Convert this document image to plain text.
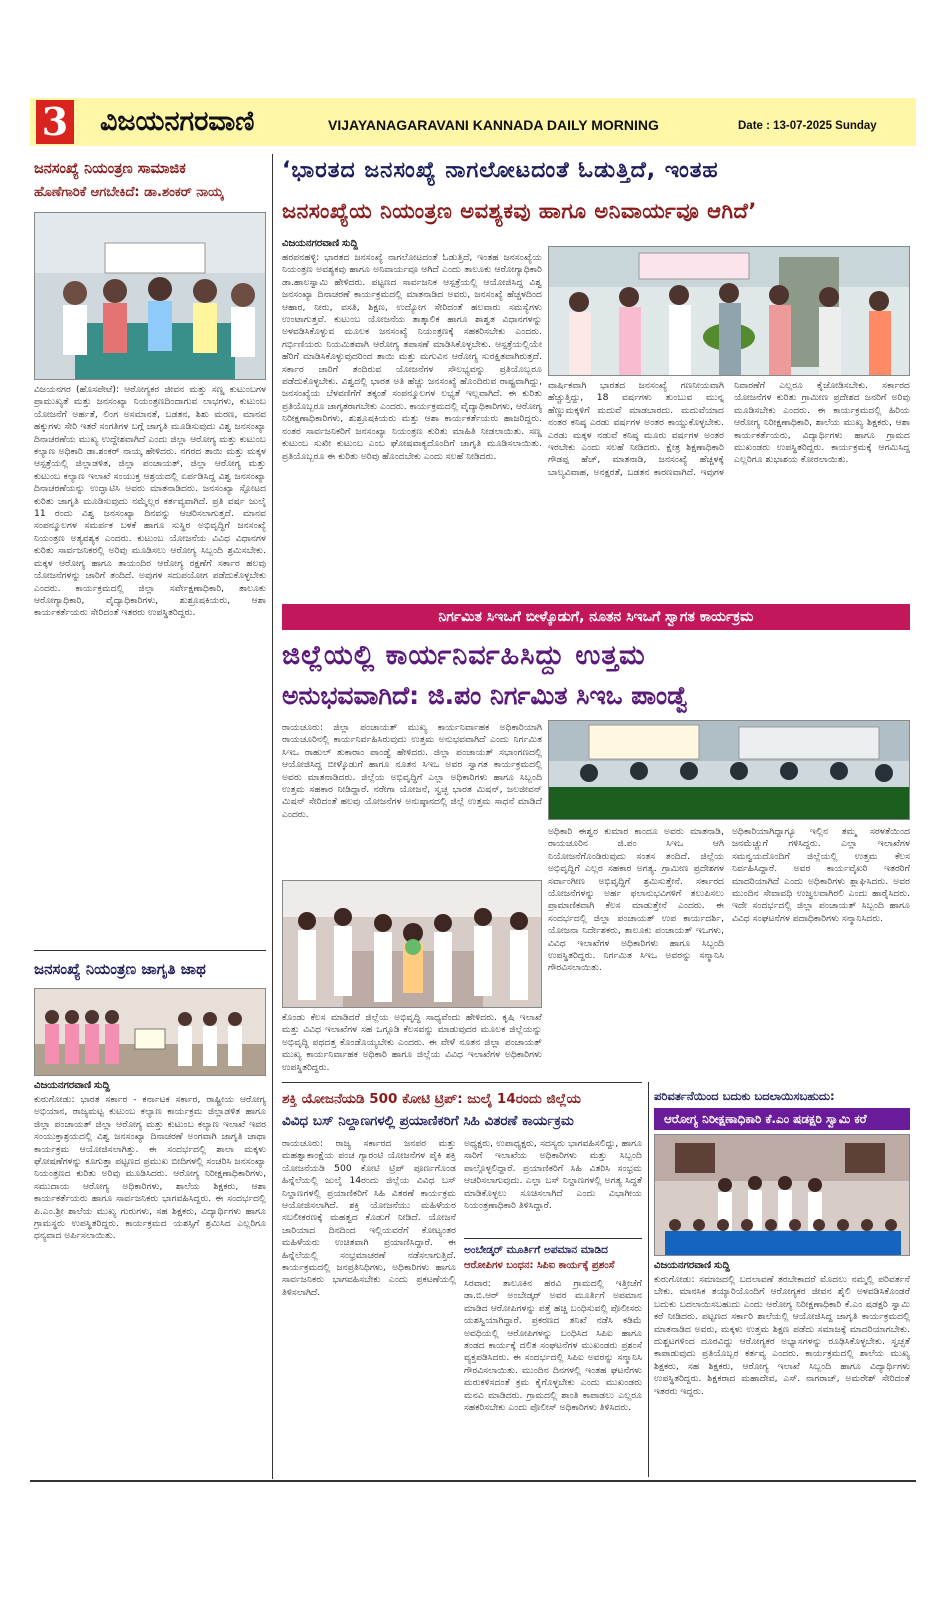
3 ವಿಜಯನಗರವಾಣಿ	VIJAYANAGARAVANI KANNADA DAILY MORNING	Date : 13-07-2025 Sunday
ಜನಸಂಖ್ಯೆ ನಿಯಂತ್ರಣ ಸಾಮಾಜಿಕ
ಹೊಣೆಗಾರಿಕೆ ಆಗಬೇಕಿದೆ: ಡಾ.ಶಂಕರ್ ನಾಯ್ಕ
ವಿಜಯನಗರ (ಹೊಸಪೇಟೆ): ಆರೋಗ್ಯಕರ ಜೀವನ ಮತ್ತು ಸಣ್ಣ ಕುಟುಂಬಗಳ ಪ್ರಾಮುಖ್ಯತೆ ಮತ್ತು ಜನಸಂಖ್ಯಾ ನಿಯಂತ್ರಣದಿಂದಾಗುವ ಲಾಭಗಳು, ಕುಟುಂಬ ಯೋಜನೆಗೆ ಅರ್ಹತೆ, ಲಿಂಗ ಅಸಮಾನತೆ, ಬಡತನ, ಶಿಶು ಮರಣ, ಮಾನವ ಹಕ್ಕುಗಳು ಸೇರಿ ಇತರೆ ಸಂಗತಿಗಳ ಬಗ್ಗೆ ಜಾಗೃತಿ ಮೂಡಿಸುವುದು ವಿಶ್ವ ಜನಸಂಖ್ಯಾ ದಿನಾಚರಣೆಯ ಮುಖ್ಯ ಉದ್ದೇಶವಾಗಿದೆ ಎಂದು ಜಿಲ್ಲಾ ಆರೋಗ್ಯ ಮತ್ತು ಕುಟುಂಬ ಕಲ್ಯಾಣ ಅಧಿಕಾರಿ ಡಾ.ಶಂಕರ್ ನಾಯ್ಕ ಹೇಳಿದರು. ನಗರದ ತಾಯಿ ಮತ್ತು ಮಕ್ಕಳ ಆಸ್ಪತ್ರೆಯಲ್ಲಿ ಜಿಲ್ಲಾಡಳಿತ, ಜಿಲ್ಲಾ ಪಂಚಾಯತ್, ಜಿಲ್ಲಾ ಆರೋಗ್ಯ ಮತ್ತು ಕುಟುಂಬ ಕಲ್ಯಾಣ ಇಲಾಖೆ ಸಂಯುಕ್ತ ಆಶ್ರಯದಲ್ಲಿ ಏರ್ಪಡಿಸಿದ್ದ ವಿಶ್ವ ಜನಸಂಖ್ಯಾ ದಿನಾಚರಣೆಯನ್ನು ಉದ್ಘಾಟಿಸಿ ಅವರು ಮಾತನಾಡಿದರು. ಜನಸಂಖ್ಯಾ ಸ್ಫೋಟದ ಕುರಿತು ಜಾಗೃತಿ ಮೂಡಿಸುವುದು ನಮ್ಮೆಲ್ಲರ ಕರ್ತವ್ಯವಾಗಿದೆ. ಪ್ರತಿ ವರ್ಷ ಜುಲೈ 11 ರಂದು ವಿಶ್ವ ಜನಸಂಖ್ಯಾ ದಿನವನ್ನು ಆಚರಿಸಲಾಗುತ್ತದೆ. ಮಾನವ ಸಂಪನ್ಮೂಲಗಳ ಸಮರ್ಪಕ ಬಳಕೆ ಹಾಗೂ ಸುಸ್ಥಿರ ಅಭಿವೃದ್ಧಿಗೆ ಜನಸಂಖ್ಯೆ ನಿಯಂತ್ರಣ ಅತ್ಯವಶ್ಯಕ ಎಂದರು. ಕುಟುಂಬ ಯೋಜನೆಯ ವಿವಿಧ ವಿಧಾನಗಳ ಕುರಿತು ಸಾರ್ವಜನಿಕರಲ್ಲಿ ಅರಿವು ಮೂಡಿಸಲು ಆರೋಗ್ಯ ಸಿಬ್ಬಂದಿ ಶ್ರಮಿಸಬೇಕು. ಮಕ್ಕಳ ಆರೋಗ್ಯ ಹಾಗೂ ತಾಯಂದಿರ ಆರೋಗ್ಯ ರಕ್ಷಣೆಗೆ ಸರ್ಕಾರ ಹಲವು ಯೋಜನೆಗಳನ್ನು ಜಾರಿಗೆ ತಂದಿದೆ. ಅವುಗಳ ಸದುಪಯೋಗ ಪಡೆದುಕೊಳ್ಳಬೇಕು ಎಂದರು. ಕಾರ್ಯಕ್ರಮದಲ್ಲಿ ಜಿಲ್ಲಾ ಸರ್ವೇಕ್ಷಣಾಧಿಕಾರಿ, ತಾಲೂಕು ಆರೋಗ್ಯಾಧಿಕಾರಿ, ವೈದ್ಯಾಧಿಕಾರಿಗಳು, ಶುಶ್ರೂಷಕಿಯರು, ಆಶಾ ಕಾರ್ಯಕರ್ತೆಯರು ಸೇರಿದಂತೆ ಇತರರು ಉಪಸ್ಥಿತರಿದ್ದರು.
ಜನಸಂಖ್ಯೆ ನಿಯಂತ್ರಣ ಜಾಗೃತಿ ಜಾಥ
ವಿಜಯನಗರವಾಣಿ ಸುದ್ದಿ
ಕುರುಗೋಡು: ಭಾರತ ಸರ್ಕಾರ - ಕರ್ನಾಟಕ ಸರ್ಕಾರ, ರಾಷ್ಟ್ರೀಯ ಆರೋಗ್ಯ ಅಭಿಯಾನ, ರಾಜ್ಯಮಟ್ಟ ಕುಟುಂಬ ಕಲ್ಯಾಣ ಕಾರ್ಯಕ್ರಮ ಜಿಲ್ಲಾಡಳಿತ ಹಾಗೂ ಜಿಲ್ಲಾ ಪಂಚಾಯತ್ ಜಿಲ್ಲಾ ಆರೋಗ್ಯ ಮತ್ತು ಕುಟುಂಬ ಕಲ್ಯಾಣ ಇಲಾಖೆ ಇವರ ಸಂಯುಕ್ತಾಶ್ರಯದಲ್ಲಿ ವಿಶ್ವ ಜನಸಂಖ್ಯಾ ದಿನಾಚರಣೆ ಅಂಗವಾಗಿ ಜಾಗೃತಿ ಜಾಥಾ ಕಾರ್ಯಕ್ರಮ ಆಯೋಜಿಸಲಾಗಿತ್ತು. ಈ ಸಂದರ್ಭದಲ್ಲಿ ಶಾಲಾ ಮಕ್ಕಳು ಘೋಷಣೆಗಳನ್ನು ಕೂಗುತ್ತಾ ಪಟ್ಟಣದ ಪ್ರಮುಖ ಬೀದಿಗಳಲ್ಲಿ ಸಂಚರಿಸಿ ಜನಸಂಖ್ಯಾ ನಿಯಂತ್ರಣದ ಕುರಿತು ಅರಿವು ಮೂಡಿಸಿದರು. ಆರೋಗ್ಯ ನಿರೀಕ್ಷಣಾಧಿಕಾರಿಗಳು, ಸಮುದಾಯ ಆರೋಗ್ಯ ಅಧಿಕಾರಿಗಳು, ಶಾಲೆಯ ಶಿಕ್ಷಕರು, ಆಶಾ ಕಾರ್ಯಕರ್ತೆಯರು ಹಾಗೂ ಸಾರ್ವಜನಿಕರು ಭಾಗವಹಿಸಿದ್ದರು. ಈ ಸಂದರ್ಭದಲ್ಲಿ ಪಿ.ಎಂ.ಶ್ರೀ ಶಾಲೆಯ ಮುಖ್ಯ ಗುರುಗಳು, ಸಹ ಶಿಕ್ಷಕರು, ವಿದ್ಯಾರ್ಥಿಗಳು ಹಾಗೂ ಗ್ರಾಮಸ್ಥರು ಉಪಸ್ಥಿತರಿದ್ದರು. ಕಾರ್ಯಕ್ರಮದ ಯಶಸ್ಸಿಗೆ ಶ್ರಮಿಸಿದ ಎಲ್ಲರಿಗೂ ಧನ್ಯವಾದ ಅರ್ಪಿಸಲಾಯಿತು.
‘ಭಾರತದ ಜನಸಂಖ್ಯೆ ನಾಗಲೋಟದಂತೆ ಓಡುತ್ತಿದೆ, ಇಂತಹ
ಜನಸಂಖ್ಯೆಯ ನಿಯಂತ್ರಣ ಅವಶ್ಯಕವು ಹಾಗೂ ಅನಿವಾರ್ಯವೂ ಆಗಿದೆ’
ವಿಜಯನಗರವಾಣಿ ಸುದ್ದಿ
ಹರಪನಹಳ್ಳಿ: ಭಾರತದ ಜನಸಂಖ್ಯೆ ನಾಗಲೋಟದಂತೆ ಓಡುತ್ತಿದೆ, ಇಂತಹ ಜನಸಂಖ್ಯೆಯ ನಿಯಂತ್ರಣ ಅವಶ್ಯಕವು ಹಾಗೂ ಅನಿವಾರ್ಯವೂ ಆಗಿದೆ ಎಂದು ತಾಲೂಕು ಆರೋಗ್ಯಾಧಿಕಾರಿ ಡಾ.ಹಾಲಸ್ವಾಮಿ ಹೇಳಿದರು. ಪಟ್ಟಣದ ಸಾರ್ವಜನಿಕ ಆಸ್ಪತ್ರೆಯಲ್ಲಿ ಆಯೋಜಿಸಿದ್ದ ವಿಶ್ವ ಜನಸಂಖ್ಯಾ ದಿನಾಚರಣೆ ಕಾರ್ಯಕ್ರಮದಲ್ಲಿ ಮಾತನಾಡಿದ ಅವರು, ಜನಸಂಖ್ಯೆ ಹೆಚ್ಚಳದಿಂದ ಆಹಾರ, ನೀರು, ವಸತಿ, ಶಿಕ್ಷಣ, ಉದ್ಯೋಗ ಸೇರಿದಂತೆ ಹಲವಾರು ಸಮಸ್ಯೆಗಳು ಉಂಟಾಗುತ್ತವೆ. ಕುಟುಂಬ ಯೋಜನೆಯ ತಾತ್ಕಾಲಿಕ ಹಾಗೂ ಶಾಶ್ವತ ವಿಧಾನಗಳನ್ನು ಅಳವಡಿಸಿಕೊಳ್ಳುವ ಮೂಲಕ ಜನಸಂಖ್ಯೆ ನಿಯಂತ್ರಣಕ್ಕೆ ಸಹಕರಿಸಬೇಕು ಎಂದರು. ಗರ್ಭಿಣಿಯರು ನಿಯಮಿತವಾಗಿ ಆರೋಗ್ಯ ತಪಾಸಣೆ ಮಾಡಿಸಿಕೊಳ್ಳಬೇಕು. ಆಸ್ಪತ್ರೆಯಲ್ಲಿಯೇ ಹೆರಿಗೆ ಮಾಡಿಸಿಕೊಳ್ಳುವುದರಿಂದ ತಾಯಿ ಮತ್ತು ಮಗುವಿನ ಆರೋಗ್ಯ ಸುರಕ್ಷಿತವಾಗಿರುತ್ತದೆ. ಸರ್ಕಾರ ಜಾರಿಗೆ ತಂದಿರುವ ಯೋಜನೆಗಳ ಸೌಲಭ್ಯವನ್ನು ಪ್ರತಿಯೊಬ್ಬರೂ ಪಡೆದುಕೊಳ್ಳಬೇಕು. ವಿಶ್ವದಲ್ಲಿ ಭಾರತ ಅತಿ ಹೆಚ್ಚು ಜನಸಂಖ್ಯೆ ಹೊಂದಿರುವ ರಾಷ್ಟ್ರವಾಗಿದ್ದು, ಜನಸಂಖ್ಯೆಯ ಬೆಳವಣಿಗೆಗೆ ತಕ್ಕಂತೆ ಸಂಪನ್ಮೂಲಗಳ ಲಭ್ಯತೆ ಇಲ್ಲವಾಗಿದೆ. ಈ ಕುರಿತು ಪ್ರತಿಯೊಬ್ಬರೂ ಜಾಗೃತರಾಗಬೇಕು ಎಂದರು. ಕಾರ್ಯಕ್ರಮದಲ್ಲಿ ವೈದ್ಯಾಧಿಕಾರಿಗಳು, ಆರೋಗ್ಯ ನಿರೀಕ್ಷಣಾಧಿಕಾರಿಗಳು, ಶುಶ್ರೂಷಕಿಯರು ಮತ್ತು ಆಶಾ ಕಾರ್ಯಕರ್ತೆಯರು ಹಾಜರಿದ್ದರು. ನಂತರ ಸಾರ್ವಜನಿಕರಿಗೆ ಜನಸಂಖ್ಯಾ ನಿಯಂತ್ರಣ ಕುರಿತು ಮಾಹಿತಿ ನೀಡಲಾಯಿತು. ಸಣ್ಣ ಕುಟುಂಬ ಸುಖೀ ಕುಟುಂಬ ಎಂಬ ಘೋಷವಾಕ್ಯದೊಂದಿಗೆ ಜಾಗೃತಿ ಮೂಡಿಸಲಾಯಿತು. ಪ್ರತಿಯೊಬ್ಬರೂ ಈ ಕುರಿತು ಅರಿವು ಹೊಂದಬೇಕು ಎಂದು ಸಲಹೆ ನೀಡಿದರು.
ವಾರ್ಷಿಕವಾಗಿ ಭಾರತದ ಜನಸಂಖ್ಯೆ ಗಣನೀಯವಾಗಿ ಹೆಚ್ಚುತ್ತಿದ್ದು, 18 ವರ್ಷಗಳು ತುಂಬುವ ಮುನ್ನ ಹೆಣ್ಣುಮಕ್ಕಳಿಗೆ ಮದುವೆ ಮಾಡಬಾರದು. ಮದುವೆಯಾದ ನಂತರ ಕನಿಷ್ಠ ಎರಡು ವರ್ಷಗಳ ಅಂತರ ಕಾಯ್ದುಕೊಳ್ಳಬೇಕು. ಎರಡು ಮಕ್ಕಳ ನಡುವೆ ಕನಿಷ್ಠ ಮೂರು ವರ್ಷಗಳ ಅಂತರ ಇರಬೇಕು ಎಂದು ಸಲಹೆ ನೀಡಿದರು. ಕ್ಷೇತ್ರ ಶಿಕ್ಷಣಾಧಿಕಾರಿ ಗೌಡಪ್ಪ ಹೆಚ್, ಮಾತನಾಡಿ, ಜನಸಂಖ್ಯೆ ಹೆಚ್ಚಳಕ್ಕೆ ಬಾಲ್ಯವಿವಾಹ, ಅನಕ್ಷರತೆ, ಬಡತನ ಕಾರಣವಾಗಿದೆ. ಇವುಗಳ ನಿವಾರಣೆಗೆ ಎಲ್ಲರೂ ಕೈಜೋಡಿಸಬೇಕು. ಸರ್ಕಾರದ ಯೋಜನೆಗಳ ಕುರಿತು ಗ್ರಾಮೀಣ ಪ್ರದೇಶದ ಜನರಿಗೆ ಅರಿವು ಮೂಡಿಸಬೇಕು ಎಂದರು. ಈ ಕಾರ್ಯಕ್ರಮದಲ್ಲಿ ಹಿರಿಯ ಆರೋಗ್ಯ ನಿರೀಕ್ಷಣಾಧಿಕಾರಿ, ಶಾಲೆಯ ಮುಖ್ಯ ಶಿಕ್ಷಕರು, ಆಶಾ ಕಾರ್ಯಕರ್ತೆಯರು, ವಿದ್ಯಾರ್ಥಿಗಳು ಹಾಗೂ ಗ್ರಾಮದ ಮುಖಂಡರು ಉಪಸ್ಥಿತರಿದ್ದರು. ಕಾರ್ಯಕ್ರಮಕ್ಕೆ ಆಗಮಿಸಿದ್ದ ಎಲ್ಲರಿಗೂ ಶುಭಾಶಯ ಕೋರಲಾಯಿತು.
ನಿರ್ಗಮಿತ ಸಿಇಒಗೆ ಬೀಳ್ಕೊಡುಗೆ, ನೂತನ ಸಿಇಒಗೆ ಸ್ವಾಗತ ಕಾರ್ಯಕ್ರಮ
ಜಿಲ್ಲೆಯಲ್ಲಿ ಕಾರ್ಯನಿರ್ವಹಿಸಿದ್ದು ಉತ್ತಮ
ಅನುಭವವಾಗಿದೆ: ಜಿ.ಪಂ ನಿರ್ಗಮಿತ ಸಿಇಒ ಪಾಂಡ್ವೆ
ರಾಯಚೂರು: ಜಿಲ್ಲಾ ಪಂಚಾಯತ್ ಮುಖ್ಯ ಕಾರ್ಯನಿರ್ವಾಹಕ ಅಧಿಕಾರಿಯಾಗಿ ರಾಯಚೂರಿನಲ್ಲಿ ಕಾರ್ಯನಿರ್ವಹಿಸಿರುವುದು ಉತ್ತಮ ಅನುಭವವಾಗಿದೆ ಎಂದು ನಿರ್ಗಮಿತ ಸಿಇಒ ರಾಹುಲ್ ತುಕಾರಾಂ ಪಾಂಡ್ವೆ ಹೇಳಿದರು. ಜಿಲ್ಲಾ ಪಂಚಾಯತ್ ಸಭಾಂಗಣದಲ್ಲಿ ಆಯೋಜಿಸಿದ್ದ ಬೀಳ್ಕೊಡುಗೆ ಹಾಗೂ ನೂತನ ಸಿಇಒ ಅವರ ಸ್ವಾಗತ ಕಾರ್ಯಕ್ರಮದಲ್ಲಿ ಅವರು ಮಾತನಾಡಿದರು. ಜಿಲ್ಲೆಯ ಅಭಿವೃದ್ಧಿಗೆ ಎಲ್ಲಾ ಅಧಿಕಾರಿಗಳು ಹಾಗೂ ಸಿಬ್ಬಂದಿ ಉತ್ತಮ ಸಹಕಾರ ನೀಡಿದ್ದಾರೆ. ನರೇಗಾ ಯೋಜನೆ, ಸ್ವಚ್ಛ ಭಾರತ ಮಿಷನ್, ಜಲಜೀವನ್ ಮಿಷನ್ ಸೇರಿದಂತೆ ಹಲವು ಯೋಜನೆಗಳ ಅನುಷ್ಠಾನದಲ್ಲಿ ಜಿಲ್ಲೆ ಉತ್ತಮ ಸಾಧನೆ ಮಾಡಿದೆ ಎಂದರು.
ಕೊಂಡು ಕೆಲಸ ಮಾಡಿದರೆ ಜಿಲ್ಲೆಯ ಅಭಿವೃದ್ಧಿ ಸಾಧ್ಯವೆಂದು ಹೇಳಿದರು. ಕೃಷಿ ಇಲಾಖೆ ಮತ್ತು ವಿವಿಧ ಇಲಾಖೆಗಳ ಸಹ ಒಗ್ಗೂಡಿ ಕೆಲಸವನ್ನು ಮಾಡುವುದರ ಮೂಲಕ ಜಿಲ್ಲೆಯನ್ನು ಅಭಿವೃದ್ಧಿ ಪಥದತ್ತ ಕೊಂಡೊಯ್ಯಬೇಕು ಎಂದರು. ಈ ವೇಳೆ ನೂತನ ಜಿಲ್ಲಾ ಪಂಚಾಯತ್ ಮುಖ್ಯ ಕಾರ್ಯನಿರ್ವಾಹಕ ಅಧಿಕಾರಿ ಹಾಗೂ ಜಿಲ್ಲೆಯ ವಿವಿಧ ಇಲಾಖೆಗಳ ಅಧಿಕಾರಿಗಳು ಉಪಸ್ಥಿತರಿದ್ದರು.
ಅಧಿಕಾರಿ ಈಶ್ವರ ಕುಮಾರ ಕಾಂದೂ ಅವರು ಮಾತನಾಡಿ, ರಾಯಚೂರಿನ ಜಿ.ಪಂ ಸಿಇಒ ಆಗಿ ನಿಯೋಜನೆಗೊಂಡಿರುವುದು ಸಂತಸ ತಂದಿದೆ. ಜಿಲ್ಲೆಯ ಅಭಿವೃದ್ಧಿಗೆ ಎಲ್ಲರ ಸಹಕಾರ ಅಗತ್ಯ. ಗ್ರಾಮೀಣ ಪ್ರದೇಶಗಳ ಸರ್ವಾಂಗೀಣ ಅಭಿವೃದ್ಧಿಗೆ ಶ್ರಮಿಸುತ್ತೇನೆ. ಸರ್ಕಾರದ ಯೋಜನೆಗಳನ್ನು ಅರ್ಹ ಫಲಾನುಭವಿಗಳಿಗೆ ತಲುಪಿಸಲು ಪ್ರಾಮಾಣಿಕವಾಗಿ ಕೆಲಸ ಮಾಡುತ್ತೇನೆ ಎಂದರು. ಈ ಸಂದರ್ಭದಲ್ಲಿ ಜಿಲ್ಲಾ ಪಂಚಾಯತ್ ಉಪ ಕಾರ್ಯದರ್ಶಿ, ಯೋಜನಾ ನಿರ್ದೇಶಕರು, ತಾಲೂಕು ಪಂಚಾಯತ್ ಇಒಗಳು, ವಿವಿಧ ಇಲಾಖೆಗಳ ಅಧಿಕಾರಿಗಳು ಹಾಗೂ ಸಿಬ್ಬಂದಿ ಉಪಸ್ಥಿತರಿದ್ದರು. ನಿರ್ಗಮಿತ ಸಿಇಒ ಅವರನ್ನು ಸನ್ಮಾನಿಸಿ ಗೌರವಿಸಲಾಯಿತು.
ಅಧಿಕಾರಿಯಾಗಿದ್ದಾಗ್ಯೂ ಇಲ್ಲಿನ ತಮ್ಮ ಸರಳತೆಯಿಂದ ಜನಮೆಚ್ಚುಗೆ ಗಳಿಸಿದ್ದರು. ಎಲ್ಲಾ ಇಲಾಖೆಗಳ ಸಮನ್ವಯದೊಂದಿಗೆ ಜಿಲ್ಲೆಯಲ್ಲಿ ಉತ್ತಮ ಕೆಲಸ ನಿರ್ವಹಿಸಿದ್ದಾರೆ. ಅವರ ಕಾರ್ಯವೈಖರಿ ಇತರರಿಗೆ ಮಾದರಿಯಾಗಿದೆ ಎಂದು ಅಧಿಕಾರಿಗಳು ಶ್ಲಾಘಿಸಿದರು. ಅವರ ಮುಂದಿನ ಸೇವಾವಧಿ ಉಜ್ವಲವಾಗಿರಲಿ ಎಂದು ಹಾರೈಸಿದರು. ಇದೇ ಸಂದರ್ಭದಲ್ಲಿ ಜಿಲ್ಲಾ ಪಂಚಾಯತ್ ಸಿಬ್ಬಂದಿ ಹಾಗೂ ವಿವಿಧ ಸಂಘಟನೆಗಳ ಪದಾಧಿಕಾರಿಗಳು ಸನ್ಮಾನಿಸಿದರು.
ಶಕ್ತಿ ಯೋಜನೆಯಡಿ 500 ಕೋಟಿ ಟ್ರಿಪ್: ಜುಲೈ 14ರಂದು ಜಿಲ್ಲೆಯ
ವಿವಿಧ ಬಸ್ ನಿಲ್ದಾಣಗಳಲ್ಲಿ ಪ್ರಯಾಣಿಕರಿಗೆ ಸಿಹಿ ವಿತರಣೆ ಕಾರ್ಯಕ್ರಮ
ರಾಯಚೂರು: ರಾಜ್ಯ ಸರ್ಕಾರದ ಜನಪರ ಮತ್ತು ಮಹತ್ವಾಕಾಂಕ್ಷೆಯ ಪಂಚ ಗ್ಯಾರಂಟಿ ಯೋಜನೆಗಳ ಪೈಕಿ ಶಕ್ತಿ ಯೋಜನೆಯಡಿ 500 ಕೋಟಿ ಟ್ರಿಪ್ ಪೂರ್ಣಗೊಂಡ ಹಿನ್ನೆಲೆಯಲ್ಲಿ ಜುಲೈ 14ರಂದು ಜಿಲ್ಲೆಯ ವಿವಿಧ ಬಸ್ ನಿಲ್ದಾಣಗಳಲ್ಲಿ ಪ್ರಯಾಣಿಕರಿಗೆ ಸಿಹಿ ವಿತರಣೆ ಕಾರ್ಯಕ್ರಮ ಆಯೋಜಿಸಲಾಗಿದೆ. ಶಕ್ತಿ ಯೋಜನೆಯು ಮಹಿಳೆಯರ ಸಬಲೀಕರಣಕ್ಕೆ ಮಹತ್ವದ ಕೊಡುಗೆ ನೀಡಿದೆ. ಯೋಜನೆ ಜಾರಿಯಾದ ದಿನದಿಂದ ಇಲ್ಲಿಯವರೆಗೆ ಕೋಟ್ಯಂತರ ಮಹಿಳೆಯರು ಉಚಿತವಾಗಿ ಪ್ರಯಾಣಿಸಿದ್ದಾರೆ. ಈ ಹಿನ್ನೆಲೆಯಲ್ಲಿ ಸಂಭ್ರಮಾಚರಣೆ ನಡೆಸಲಾಗುತ್ತಿದೆ. ಕಾರ್ಯಕ್ರಮದಲ್ಲಿ ಜನಪ್ರತಿನಿಧಿಗಳು, ಅಧಿಕಾರಿಗಳು ಹಾಗೂ ಸಾರ್ವಜನಿಕರು ಭಾಗವಹಿಸಬೇಕು ಎಂದು ಪ್ರಕಟಣೆಯಲ್ಲಿ ತಿಳಿಸಲಾಗಿದೆ.
ಅಧ್ಯಕ್ಷರು, ಉಪಾಧ್ಯಕ್ಷರು, ಸದಸ್ಯರು ಭಾಗವಹಿಸಲಿದ್ದು, ಹಾಗೂ ಸಾರಿಗೆ ಇಲಾಖೆಯ ಅಧಿಕಾರಿಗಳು ಮತ್ತು ಸಿಬ್ಬಂದಿ ಪಾಲ್ಗೊಳ್ಳಲಿದ್ದಾರೆ. ಪ್ರಯಾಣಿಕರಿಗೆ ಸಿಹಿ ವಿತರಿಸಿ ಸಂಭ್ರಮ ಆಚರಿಸಲಾಗುವುದು. ಎಲ್ಲಾ ಬಸ್ ನಿಲ್ದಾಣಗಳಲ್ಲಿ ಅಗತ್ಯ ಸಿದ್ಧತೆ ಮಾಡಿಕೊಳ್ಳಲು ಸೂಚಿಸಲಾಗಿದೆ ಎಂದು ವಿಭಾಗೀಯ ನಿಯಂತ್ರಣಾಧಿಕಾರಿ ತಿಳಿಸಿದ್ದಾರೆ.
ಅಂಬೇಡ್ಕರ್ ಮೂರ್ತಿಗೆ ಅಪಮಾನ ಮಾಡಿದ
ಆರೋಪಿಗಳ ಬಂಧನ: ಸಿಪಿಐ ಕಾರ್ಯಕ್ಕೆ ಪ್ರಶಂಸೆ
ಸಿರವಾರ: ತಾಲೂಕಿನ ಹರವಿ ಗ್ರಾಮದಲ್ಲಿ ಇತ್ತೀಚೆಗೆ ಡಾ.ಬಿ.ಆರ್ ಅಂಬೇಡ್ಕರ್ ಅವರ ಮೂರ್ತಿಗೆ ಅಪಮಾನ ಮಾಡಿದ ಆರೋಪಿಗಳನ್ನು ಪತ್ತೆ ಹಚ್ಚಿ ಬಂಧಿಸುವಲ್ಲಿ ಪೊಲೀಸರು ಯಶಸ್ವಿಯಾಗಿದ್ದಾರೆ. ಪ್ರಕರಣದ ತನಿಖೆ ನಡೆಸಿ ಕಡಿಮೆ ಅವಧಿಯಲ್ಲಿ ಆರೋಪಿಗಳನ್ನು ಬಂಧಿಸಿದ ಸಿಪಿಐ ಹಾಗೂ ತಂಡದ ಕಾರ್ಯಕ್ಕೆ ದಲಿತ ಸಂಘಟನೆಗಳ ಮುಖಂಡರು ಪ್ರಶಂಸೆ ವ್ಯಕ್ತಪಡಿಸಿದರು. ಈ ಸಂದರ್ಭದಲ್ಲಿ ಸಿಪಿಐ ಅವರನ್ನು ಸನ್ಮಾನಿಸಿ ಗೌರವಿಸಲಾಯಿತು. ಮುಂದಿನ ದಿನಗಳಲ್ಲಿ ಇಂತಹ ಘಟನೆಗಳು ಮರುಕಳಿಸದಂತೆ ಕ್ರಮ ಕೈಗೊಳ್ಳಬೇಕು ಎಂದು ಮುಖಂಡರು ಮನವಿ ಮಾಡಿದರು. ಗ್ರಾಮದಲ್ಲಿ ಶಾಂತಿ ಕಾಪಾಡಲು ಎಲ್ಲರೂ ಸಹಕರಿಸಬೇಕು ಎಂದು ಪೊಲೀಸ್ ಅಧಿಕಾರಿಗಳು ತಿಳಿಸಿದರು.
ಪರಿವರ್ತನೆಯಿಂದ ಬದುಕು ಬದಲಾಯಿಸಬಹುದು:
ಆರೋಗ್ಯ ನಿರೀಕ್ಷಣಾಧಿಕಾರಿ ಕೆ.ಎಂ ಷಡಕ್ಷರಿ ಸ್ವಾಮಿ ಕರೆ
ವಿಜಯನಗರವಾಣಿ ಸುದ್ದಿ
ಕುರುಗೋಡು: ಸಮಾಜದಲ್ಲಿ ಬದಲಾವಣೆ ತರಬೇಕಾದರೆ ಮೊದಲು ನಮ್ಮಲ್ಲಿ ಪರಿವರ್ತನೆ ಬೇಕು. ಮಾನಸಿಕ ತಯ್ಯಾರಿಯೊಂದಿಗೆ ಆರೋಗ್ಯಕರ ಜೀವನ ಶೈಲಿ ಅಳವಡಿಸಿಕೊಂಡರೆ ಬದುಕು ಬದಲಾಯಿಸಬಹುದು ಎಂದು ಆರೋಗ್ಯ ನಿರೀಕ್ಷಣಾಧಿಕಾರಿ ಕೆ.ಎಂ ಷಡಕ್ಷರಿ ಸ್ವಾಮಿ ಕರೆ ನೀಡಿದರು. ಪಟ್ಟಣದ ಸರ್ಕಾರಿ ಶಾಲೆಯಲ್ಲಿ ಆಯೋಜಿಸಿದ್ದ ಜಾಗೃತಿ ಕಾರ್ಯಕ್ರಮದಲ್ಲಿ ಮಾತನಾಡಿದ ಅವರು, ಮಕ್ಕಳು ಉತ್ತಮ ಶಿಕ್ಷಣ ಪಡೆದು ಸಮಾಜಕ್ಕೆ ಮಾದರಿಯಾಗಬೇಕು. ದುಶ್ಚಟಗಳಿಂದ ದೂರವಿದ್ದು ಆರೋಗ್ಯಕರ ಅಭ್ಯಾಸಗಳನ್ನು ರೂಢಿಸಿಕೊಳ್ಳಬೇಕು. ಸ್ವಚ್ಛತೆ ಕಾಪಾಡುವುದು ಪ್ರತಿಯೊಬ್ಬರ ಕರ್ತವ್ಯ ಎಂದರು. ಕಾರ್ಯಕ್ರಮದಲ್ಲಿ ಶಾಲೆಯ ಮುಖ್ಯ ಶಿಕ್ಷಕರು, ಸಹ ಶಿಕ್ಷಕರು, ಆರೋಗ್ಯ ಇಲಾಖೆ ಸಿಬ್ಬಂದಿ ಹಾಗೂ ವಿದ್ಯಾರ್ಥಿಗಳು ಉಪಸ್ಥಿತರಿದ್ದರು. ಶಿಕ್ಷಕರಾದ ಮಹಾದೇವ, ಎಸ್. ನಾಗರಾಜ್, ಅಮರೇಶ್ ಸೇರಿದಂತೆ ಇತರರು ಇದ್ದರು.
